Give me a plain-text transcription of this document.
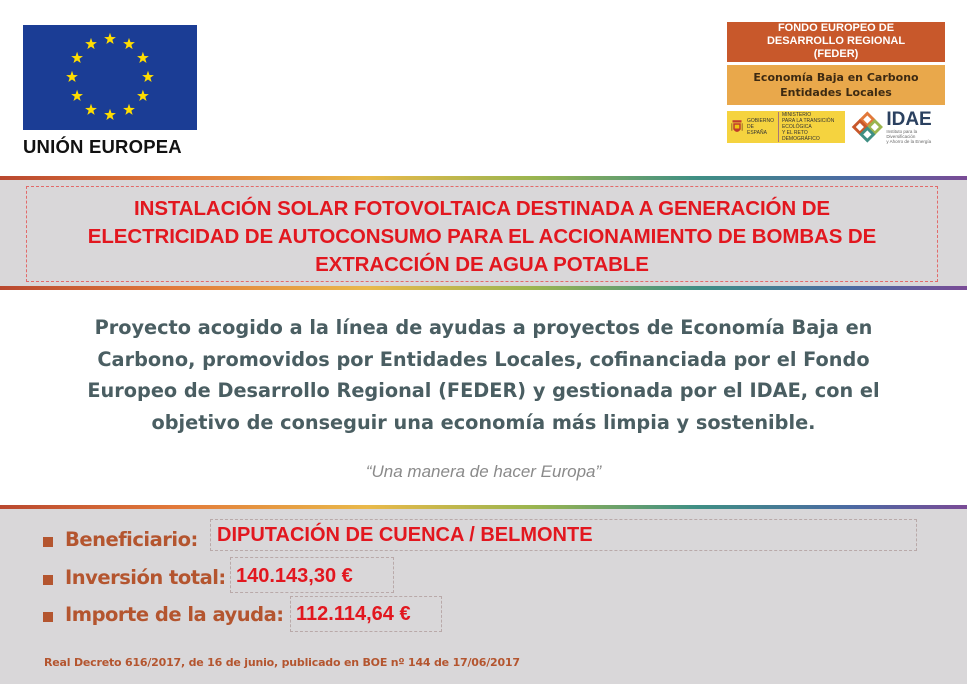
UNIÓN EUROPEA
FONDO EUROPEO DE
DESARROLLO REGIONAL
(FEDER)
Economía Baja en Carbono
Entidades Locales
GOBIERNO
DE ESPAÑA
MINISTERIO
PARA LA TRANSICIÓN ECOLÓGICA
Y EL RETO DEMOGRÁFICO
IDAE
Instituto para la Diversificación
y Ahorro de la Energía
INSTALACIÓN SOLAR FOTOVOLTAICA DESTINADA A GENERACIÓN DE
ELECTRICIDAD DE AUTOCONSUMO PARA EL ACCIONAMIENTO DE BOMBAS DE
EXTRACCIÓN DE AGUA POTABLE

Proyecto acogido a la línea de ayudas a proyectos de Economía Baja en
Carbono, promovidos por Entidades Locales, cofinanciada por el Fondo
Europeo de Desarrollo Regional (FEDER) y gestionada por el IDAE, con el
objetivo de conseguir una economía más limpia y sostenible.

“Una manera de hacer Europa”

Beneficiario: DIPUTACIÓN DE CUENCA / BELMONTE
Inversión total: 140.143,30 €
Importe de la ayuda: 112.114,64 €

Real Decreto 616/2017, de 16 de junio, publicado en BOE nº 144 de 17/06/2017
